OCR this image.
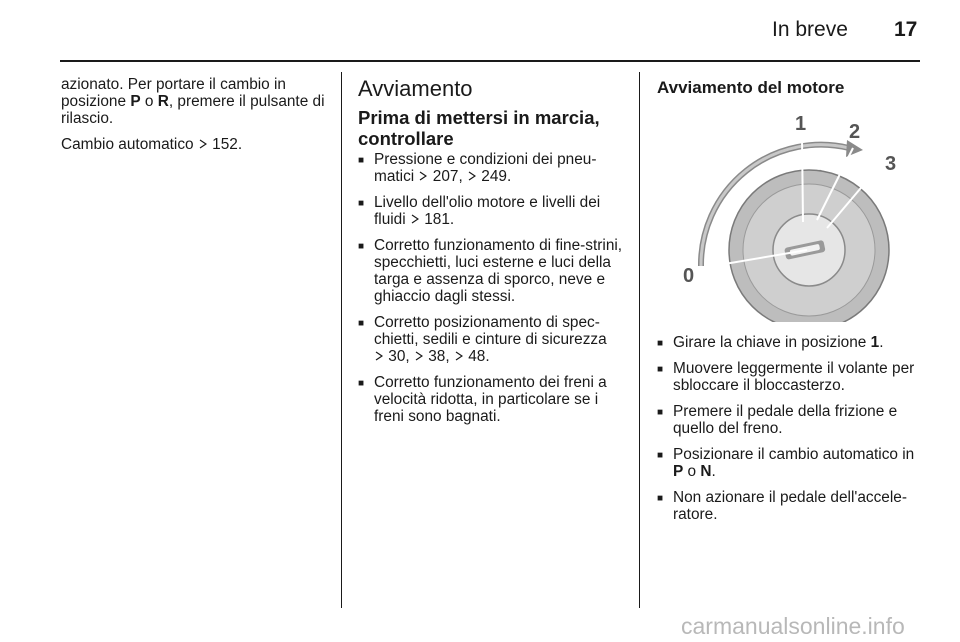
In breve 17

azionato. Per portare il cambio in posizione P o R, premere il pulsante di rilascio.

Cambio automatico 152.

Avviamento
Prima di mettersi in marcia, controllare
■ Pressione e condizioni dei pneu-matici 207, 249.
■ Livello dell'olio motore e livelli dei fluidi 181.
■ Corretto funzionamento di fine-strini, specchietti, luci esterne e luci della targa e assenza di sporco, neve e ghiaccio dagli stessi.
■ Corretto posizionamento di spec-chietti, sedili e cinture di sicurezza
30, 38, 48.
■ Corretto funzionamento dei freni a velocità ridotta, in particolare se i freni sono bagnati.
Avviamento del motore
0
1 2
3
■ Girare la chiave in posizione 1.
■ Muovere leggermente il volante per sbloccare il bloccasterzo.
■ Premere il pedale della frizione e quello del freno.
■ Posizionare il cambio automatico in P o N.
■ Non azionare il pedale dell'accele-ratore.
carmanualsonline.info
